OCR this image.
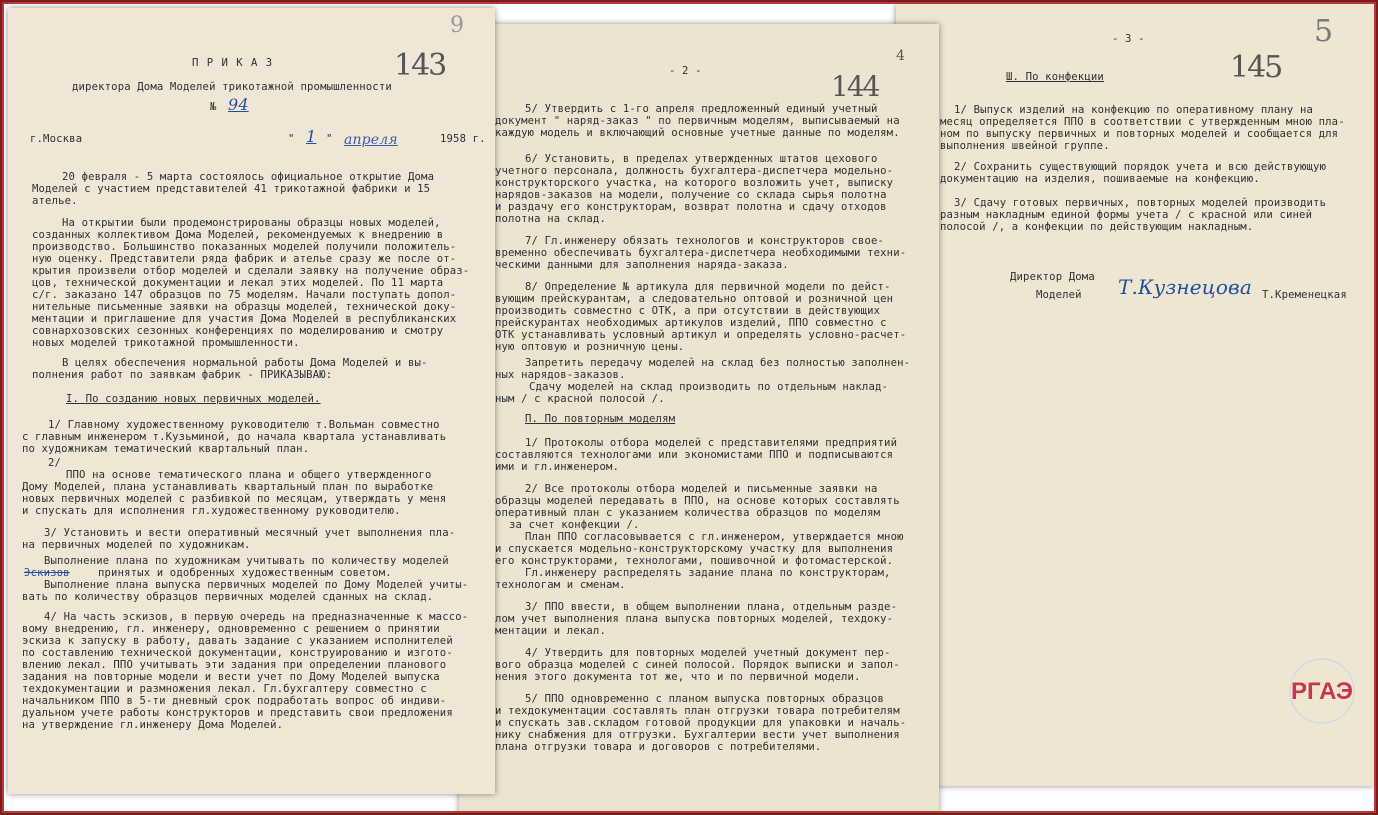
- 3 -
145
5
Ш. По конфекции
1/ Выпуск изделий на конфекцию по оперативному плану на
месяц определяется ППО в соответствии с утвержденным мною пла-
ном по выпуску первичных и повторных моделей и сообщается для
выполнения швейной группе.
2/ Сохранить существующий порядок учета и всю действующую
документацию на изделия, пошиваемые на конфекцию.
3/ Сдачу готовых первичных, повторных моделей производить
разным накладным единой формы учета / с красной или синей
полосой /, а конфекции по действующим накладным.
Директор Дома
Моделей Т.Кузнецова Т.Кременецкая
РГАЭ
- 2 -	144
4
5/ Утвердить с 1-го апреля предложенный единый учетный
документ " наряд-заказ " по первичным моделям, выписываемый на
каждую модель и включающий основные учетные данные по моделям.
6/ Установить, в пределах утвержденных штатов цехового
учетного персонала, должность бухгалтера-диспетчера модельно-
конструкторского участка, на которого возложить учет, выписку
нарядов-заказов на модели, получение со склада сырья полотна
и раздачу его конструкторам, возврат полотна и сдачу отходов
полотна на склад.
7/ Гл.инженеру обязать технологов и конструкторов свое-
временно обеспечивать бухгалтера-диспетчера необходимыми техни-
ческими данными для заполнения наряда-заказа.
8/ Определение № артикула для первичной модели по дейст-
вующим прейскурантам, а следовательно оптовой и розничной цен
производить совместно с ОТК, а при отсутствии в действующих
прейскурантах необходимых артикулов изделий, ППО совместно с
ОТК устанавливать условный артикул и определять условно-расчет-
ную оптовую и розничную цены.
Запретить передачу моделей на склад без полностью заполнен-
ных нарядов-заказов.
Сдачу моделей на склад производить по отдельным наклад-
ным / с красной полосой /.
П. По повторным моделям
1/ Протоколы отбора моделей с представителями предприятий
составляются технологами или экономистами ППО и подписываются
ими и гл.инженером.
2/ Все протоколы отбора моделей и письменные заявки на
образцы моделей передавать в ППО, на основе которых составлять
оперативный план с указанием количества образцов по моделям
за счет конфекции /.
План ППО согласовывается с гл.инженером, утверждается мною
и спускается модельно-конструкторскому участку для выполнения
его конструкторами, технологами, пошивочной и фотомастерской.
Гл.инженеру распределять задание плана по конструкторам,
технологам и сменам.
3/ ППО ввести, в общем выполнении плана, отдельным разде-
лом учет выполнения плана выпуска повторных моделей, техдоку-
ментации и лекал.
4/ Утвердить для повторных моделей учетный документ пер-
вого образца моделей с синей полосой. Порядок выписки и запол-
нения этого документа тот же, что и по первичной модели.
5/ ППО одновременно с планом выпуска повторных образцов
и техдокументации составлять план отгрузки товара потребителям
и спускать зав.складом готовой продукции для упаковки и началь-
нику снабжения для отгрузки. Бухгалтерии вести учет выполнения
плана отгрузки товара и договоров с потребителями.
П Р И К А З
директора Дома Моделей трикотажной промышленности
143
9
№ 94
г.Москва	" 1 " апреля	1958 г.
20 февраля - 5 марта состоялось официальное открытие Дома
Моделей с участием представителей 41 трикотажной фабрики и 15
ателье.
На открытии были продемонстрированы образцы новых моделей,
созданных коллективом Дома Моделей, рекомендуемых к внедрению в
производство. Большинство показанных моделей получили положитель-
ную оценку. Представители ряда фабрик и ателье сразу же после от-
крытия произвели отбор моделей и сделали заявку на получение образ-
цов, технической документации и лекал этих моделей. По 11 марта
с/г. заказано 147 образцов по 75 моделям. Начали поступать допол-
нительные письменные заявки на образцы моделей, технической доку-
ментации и приглашение для участия Дома Моделей в республиканских
совнархозовских сезонных конференциях по моделированию и смотру
новых моделей трикотажной промышленности.
В целях обеспечения нормальной работы Дома Моделей и вы-
полнения работ по заявкам фабрик - ПРИКАЗЫВАЮ:
I. По созданию новых первичных моделей.
1/ Главному художественному руководителю т.Вольман совместно
с главным инженером т.Кузьминой, до начала квартала устанавливать
по художникам тематический квартальный план.
2/
ППО на основе тематического плана и общего утвержденного
Дому Моделей, плана устанавливать квартальный план по выработке
новых первичных моделей с разбивкой по месяцам, утверждать у меня
и спускать для исполнения гл.художественному руководителю.
3/ Установить и вести оперативный месячный учет выполнения пла-
на первичных моделей по художникам.
Выполнение плана по художникам учитывать по количеству моделей
Эскизов	принятых и одобренных художественным советом.
Выполнение плана выпуска первичных моделей по Дому Моделей учиты-
вать по количеству образцов первичных моделей сданных на склад.
4/ На часть эскизов, в первую очередь на предназначенные к массо-
вому внедрению, гл. инженеру, одновременно с решением о принятии
эскиза к запуску в работу, давать задание с указанием исполнителей
по составлению технической документации, конструированию и изгото-
влению лекал. ППО учитывать эти задания при определении планового
задания на повторные модели и вести учет по Дому Моделей выпуска
техдокументации и размножения лекал. Гл.бухгалтеру совместно с
начальником ППО в 5-ти дневный срок подработать вопрос об индиви-
дуальном учете работы конструкторов и представить свои предложения
на утверждение гл.инженеру Дома Моделей.
